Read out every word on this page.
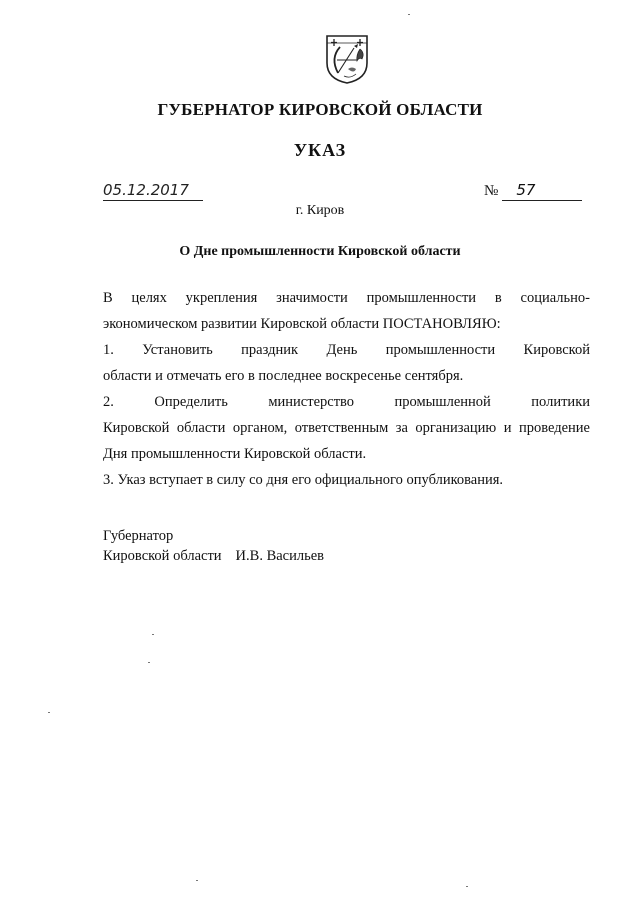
ГУБЕРНАТОР КИРОВСКОЙ ОБЛАСТИ
УКАЗ
05.12.2017	№ 57
г. Киров
О Дне промышленности Кировской области
В целях укрепления значимости промышленности в социально-
экономическом развитии Кировской области ПОСТАНОВЛЯЮ:
1. Установить праздник День промышленности Кировской
области и отмечать его в последнее воскресенье сентября.
2. Определить министерство промышленной политики
Кировской области органом, ответственным за организацию и проведение
Дня промышленности Кировской области.
3. Указ вступает в силу со дня его официального опубликования.
Губернатор
Кировской области И.В. Васильев
